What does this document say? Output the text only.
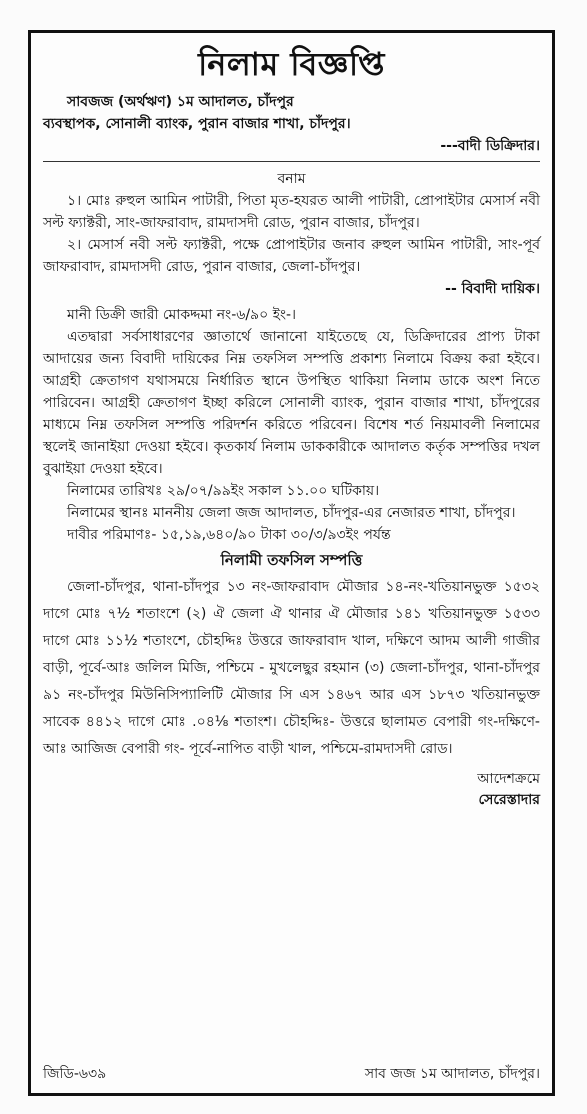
নিলাম বিজ্ঞপ্তি

সাবজজ (অর্থঋণ) ১ম আদালত, চাঁদপুর

ব্যবস্থাপক, সোনালী ব্যাংক, পুরান বাজার শাখা, চাঁদপুর।

---বাদী ডিক্রিদার।

বনাম

১। মোঃ রুহুল আমিন পাটারী, পিতা মৃত-হযরত আলী পাটারী, প্রোপাইটার মেসার্স নবী সল্ট ফ্যাক্টরী, সাং-জাফরাবাদ, রামদাসদী রোড, পুরান বাজার, চাঁদপুর।

২। মেসার্স নবী সল্ট ফ্যাক্টরী, পক্ষে প্রোপাইটার জনাব রুহুল আমিন পাটারী, সাং-পূর্ব জাফরাবাদ, রামদাসদী রোড, পুরান বাজার, জেলা-চাঁদপুর।

-- বিবাদী দায়িক।

মানী ডিক্রী জারী মোকদ্দমা নং-৬/৯০ ইং-।

এতদ্বারা সর্বসাধারণের জ্ঞাতার্থে জানানো যাইতেছে যে, ডিক্রিদারের প্রাপ্য টাকা আদায়ের জন্য বিবাদী দায়িকের নিম্ন তফসিল সম্পত্তি প্রকাশ্য নিলামে বিক্রয় করা হইবে। আগ্রহী ক্রেতাগণ যথাসময়ে নির্ধারিত স্থানে উপস্থিত থাকিয়া নিলাম ডাকে অংশ নিতে পারিবেন। আগ্রহী ক্রেতাগণ ইচ্ছা করিলে সোনালী ব্যাংক, পুরান বাজার শাখা, চাঁদপুরের মাধ্যমে নিম্ন তফসিল সম্পত্তি পরিদর্শন করিতে পরিবেন। বিশেষ শর্ত নিয়মাবলী নিলামের স্থলেই জানাইয়া দেওয়া হইবে। কৃতকার্য নিলাম ডাককারীকে আদালত কর্তৃক সম্পত্তির দখল বুঝাইয়া দেওয়া হইবে।

নিলামের তারিখঃ ২৯/০৭/৯৯ইং সকাল ১১.০০ ঘটিকায়।

নিলামের স্থানঃ মাননীয় জেলা জজ আদালত, চাঁদপুর-এর নেজারত শাখা, চাঁদপুর।

দাবীর পরিমাণঃ- ১৫,১৯,৬৪০/৯০ টাকা ৩০/৩/৯৩ইং পর্যন্ত

নিলামী তফসিল সম্পত্তি

জেলা-চাঁদপুর, থানা-চাঁদপুর ১৩ নং-জাফরাবাদ মৌজার ১৪-নং-খতিয়ানভুক্ত ১৫৩২ দাগে মোঃ ৭½ শতাংশে (২) ঐ জেলা ঐ থানার ঐ মৌজার ১৪১ খতিয়ানভুক্ত ১৫৩৩ দাগে মোঃ ১১½ শতাংশে, চৌহদ্দিঃ উত্তরে জাফরাবাদ খাল, দক্ষিণে আদম আলী গাজীর বাড়ী, পূর্বে-আঃ জলিল মিজি, পশ্চিমে - মুখলেছুর রহমান (৩) জেলা-চাঁদপুর, থানা-চাঁদপুর ৯১ নং-চাঁদপুর মিউনিসিপ্যালিটি মৌজার সি এস ১৪৬৭ আর এস ১৮৭৩ খতিয়ানভুক্ত সাবেক ৪৪১২ দাগে মোঃ .০৪⅛ শতাংশ। চৌহদ্দিঃ- উত্তরে ছালামত বেপারী গং-দক্ষিণে-আঃ আজিজ বেপারী গং- পূর্বে-নাপিত বাড়ী খাল, পশ্চিমে-রামদাসদী রোড।

আদেশক্রমে
সেরেস্তাদার
জিডি-৬৩৯	সাব জজ ১ম আদালত, চাঁদপুর।
